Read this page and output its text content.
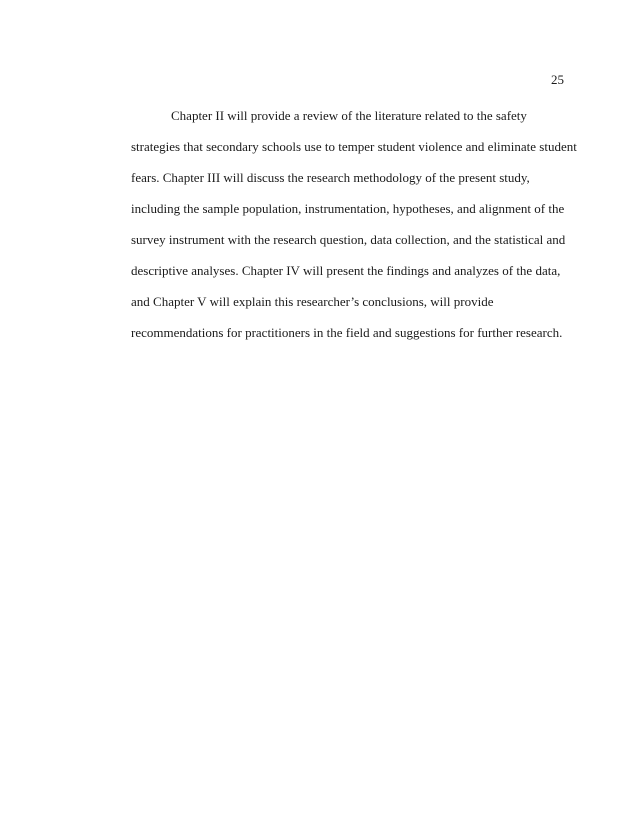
25
Chapter II will provide a review of the literature related to the safety
strategies that secondary schools use to temper student violence and eliminate student
fears. Chapter III will discuss the research methodology of the present study,
including the sample population, instrumentation, hypotheses, and alignment of the
survey instrument with the research question, data collection, and the statistical and
descriptive analyses. Chapter IV will present the findings and analyzes of the data,
and Chapter V will explain this researcher’s conclusions, will provide
recommendations for practitioners in the field and suggestions for further research.
